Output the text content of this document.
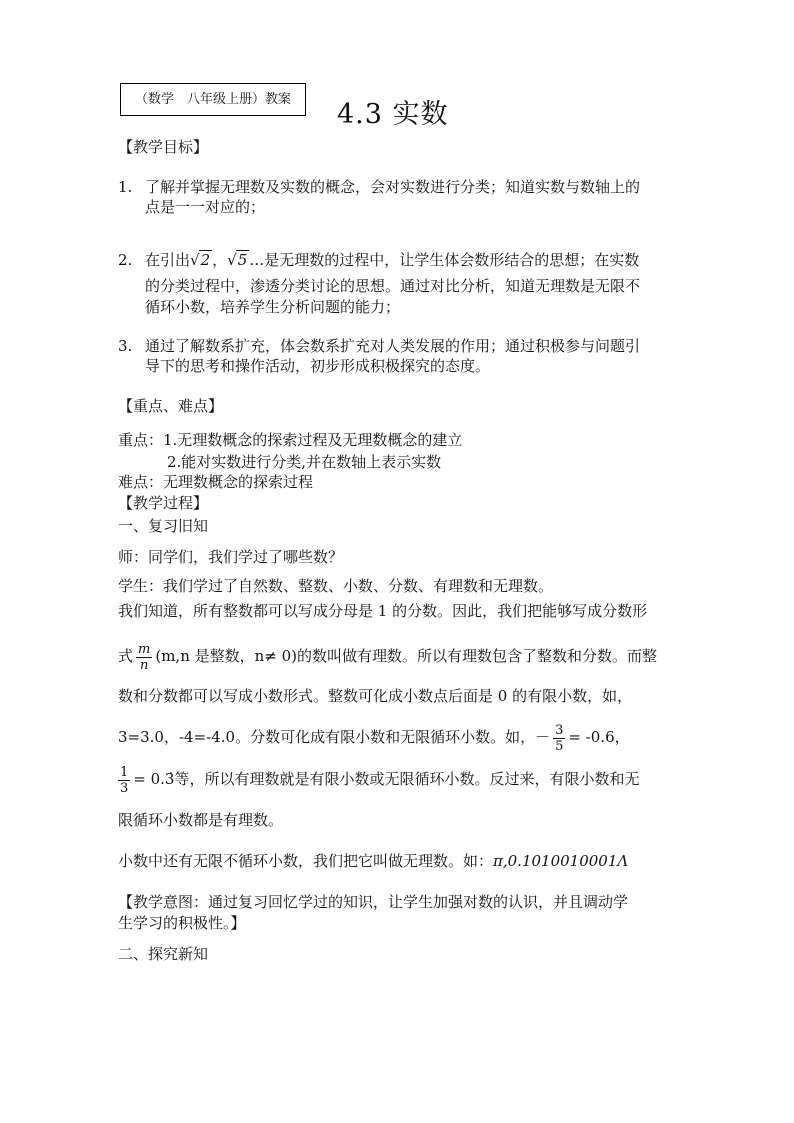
（数学　八年级上册）教案	4.3 实数
【教学目标】
1. 了解并掌握无理数及实数的概念，会对实数进行分类；知道实数与数轴上的
点是一一对应的；
2. 在引出√2 ，√5 …是无理数的过程中，让学生体会数形结合的思想；在实数
的分类过程中，渗透分类讨论的思想。通过对比分析，知道无理数是无限不
循环小数，培养学生分析问题的能力；
3. 通过了解数系扩充，体会数系扩充对人类发展的作用；通过积极参与问题引
导下的思考和操作活动，初步形成积极探究的态度。
【重点、难点】
重点：1.无理数概念的探索过程及无理数概念的建立
2.能对实数进行分类,并在数轴上表示实数
难点：无理数概念的探索过程
【教学过程】
一、复习旧知
师：同学们，我们学过了哪些数？
学生：我们学过了自然数、整数、小数、分数、有理数和无理数。
我们知道，所有整数都可以写成分母是 1 的分数。因此，我们把能够写成分数形
式 $\frac{m}{n} (m,n$ 是整数，n≠ 0)的数叫做有理数。所以有理数包含了整数和分数。而整
数和分数都可以写成小数形式。整数可化成小数点后面是 0 的有限小数，如，
3=3.0，-4=-4.0。分数可化成有限小数和无限循环小数。如，－ $\frac{3}{5} = -0.6$，
$\frac{1}{3}$ = 0.3̇等，所以有理数就是有限小数或无限循环小数。反过来，有限小数和无
限循环小数都是有理数。
小数中还有无限不循环小数，我们把它叫做无理数。如：π,0.1010010001Λ
【教学意图：通过复习回忆学过的知识，让学生加强对数的认识，并且调动学
生学习的积极性。】
二、探究新知
